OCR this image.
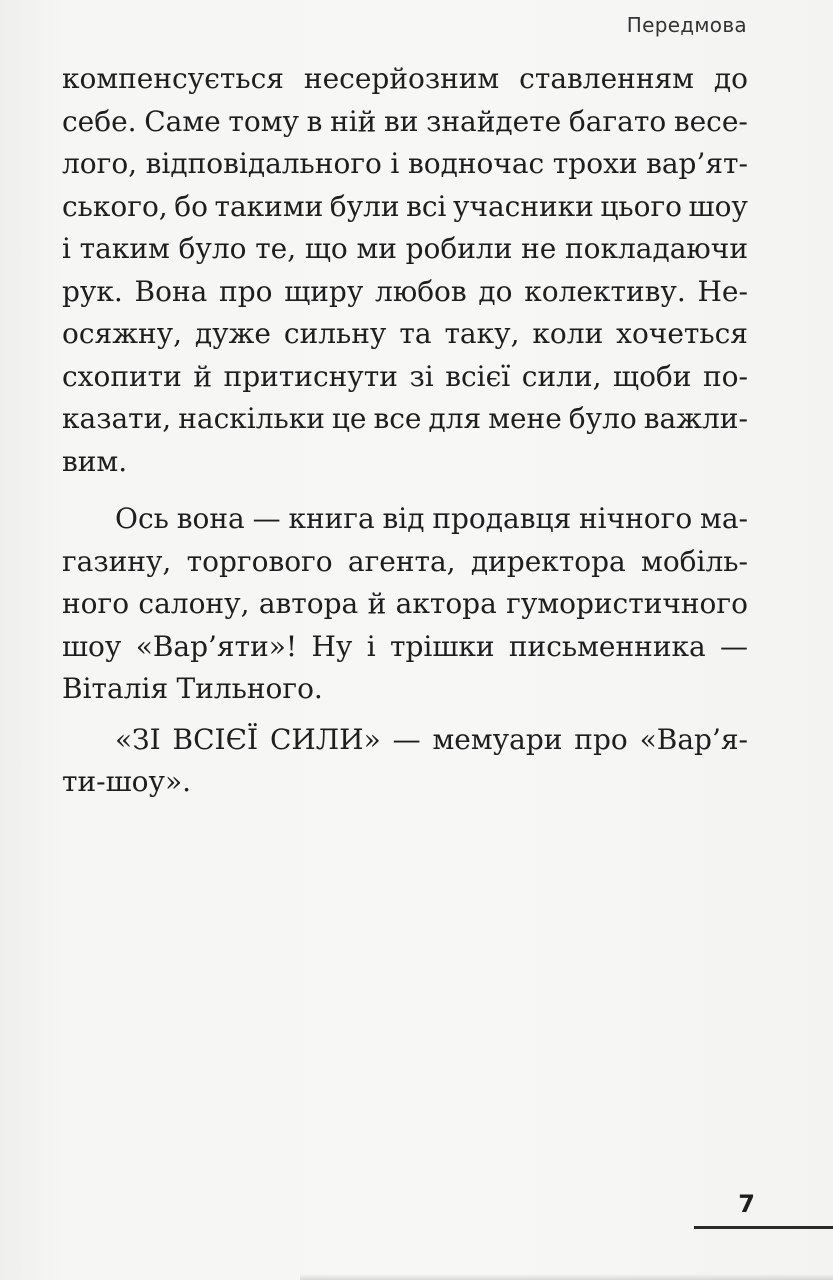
Передмова
компенсується несерйозним ставленням до
себе. Саме тому в ній ви знайдете багато весе-
лого, відповідального і водночас трохи вар’ят-
ського, бо такими були всі учасники цього шоу
і таким було те, що ми робили не покладаючи
рук. Вона про щиру любов до колективу. Не-
осяжну, дуже сильну та таку, коли хочеться
схопити й притиснути зі всієї сили, щоби по-
казати, наскільки це все для мене було важли-
вим.
Ось вона — книга від продавця нічного ма-
газину, торгового агента, директора мобіль-
ного салону, автора й актора гумористичного
шоу «Вар’яти»! Ну і трішки письменника —
Віталія Тильного.
«ЗІ ВСІЄЇ СИЛИ» — мемуари про «Вар’я-
ти-шоу».
7
